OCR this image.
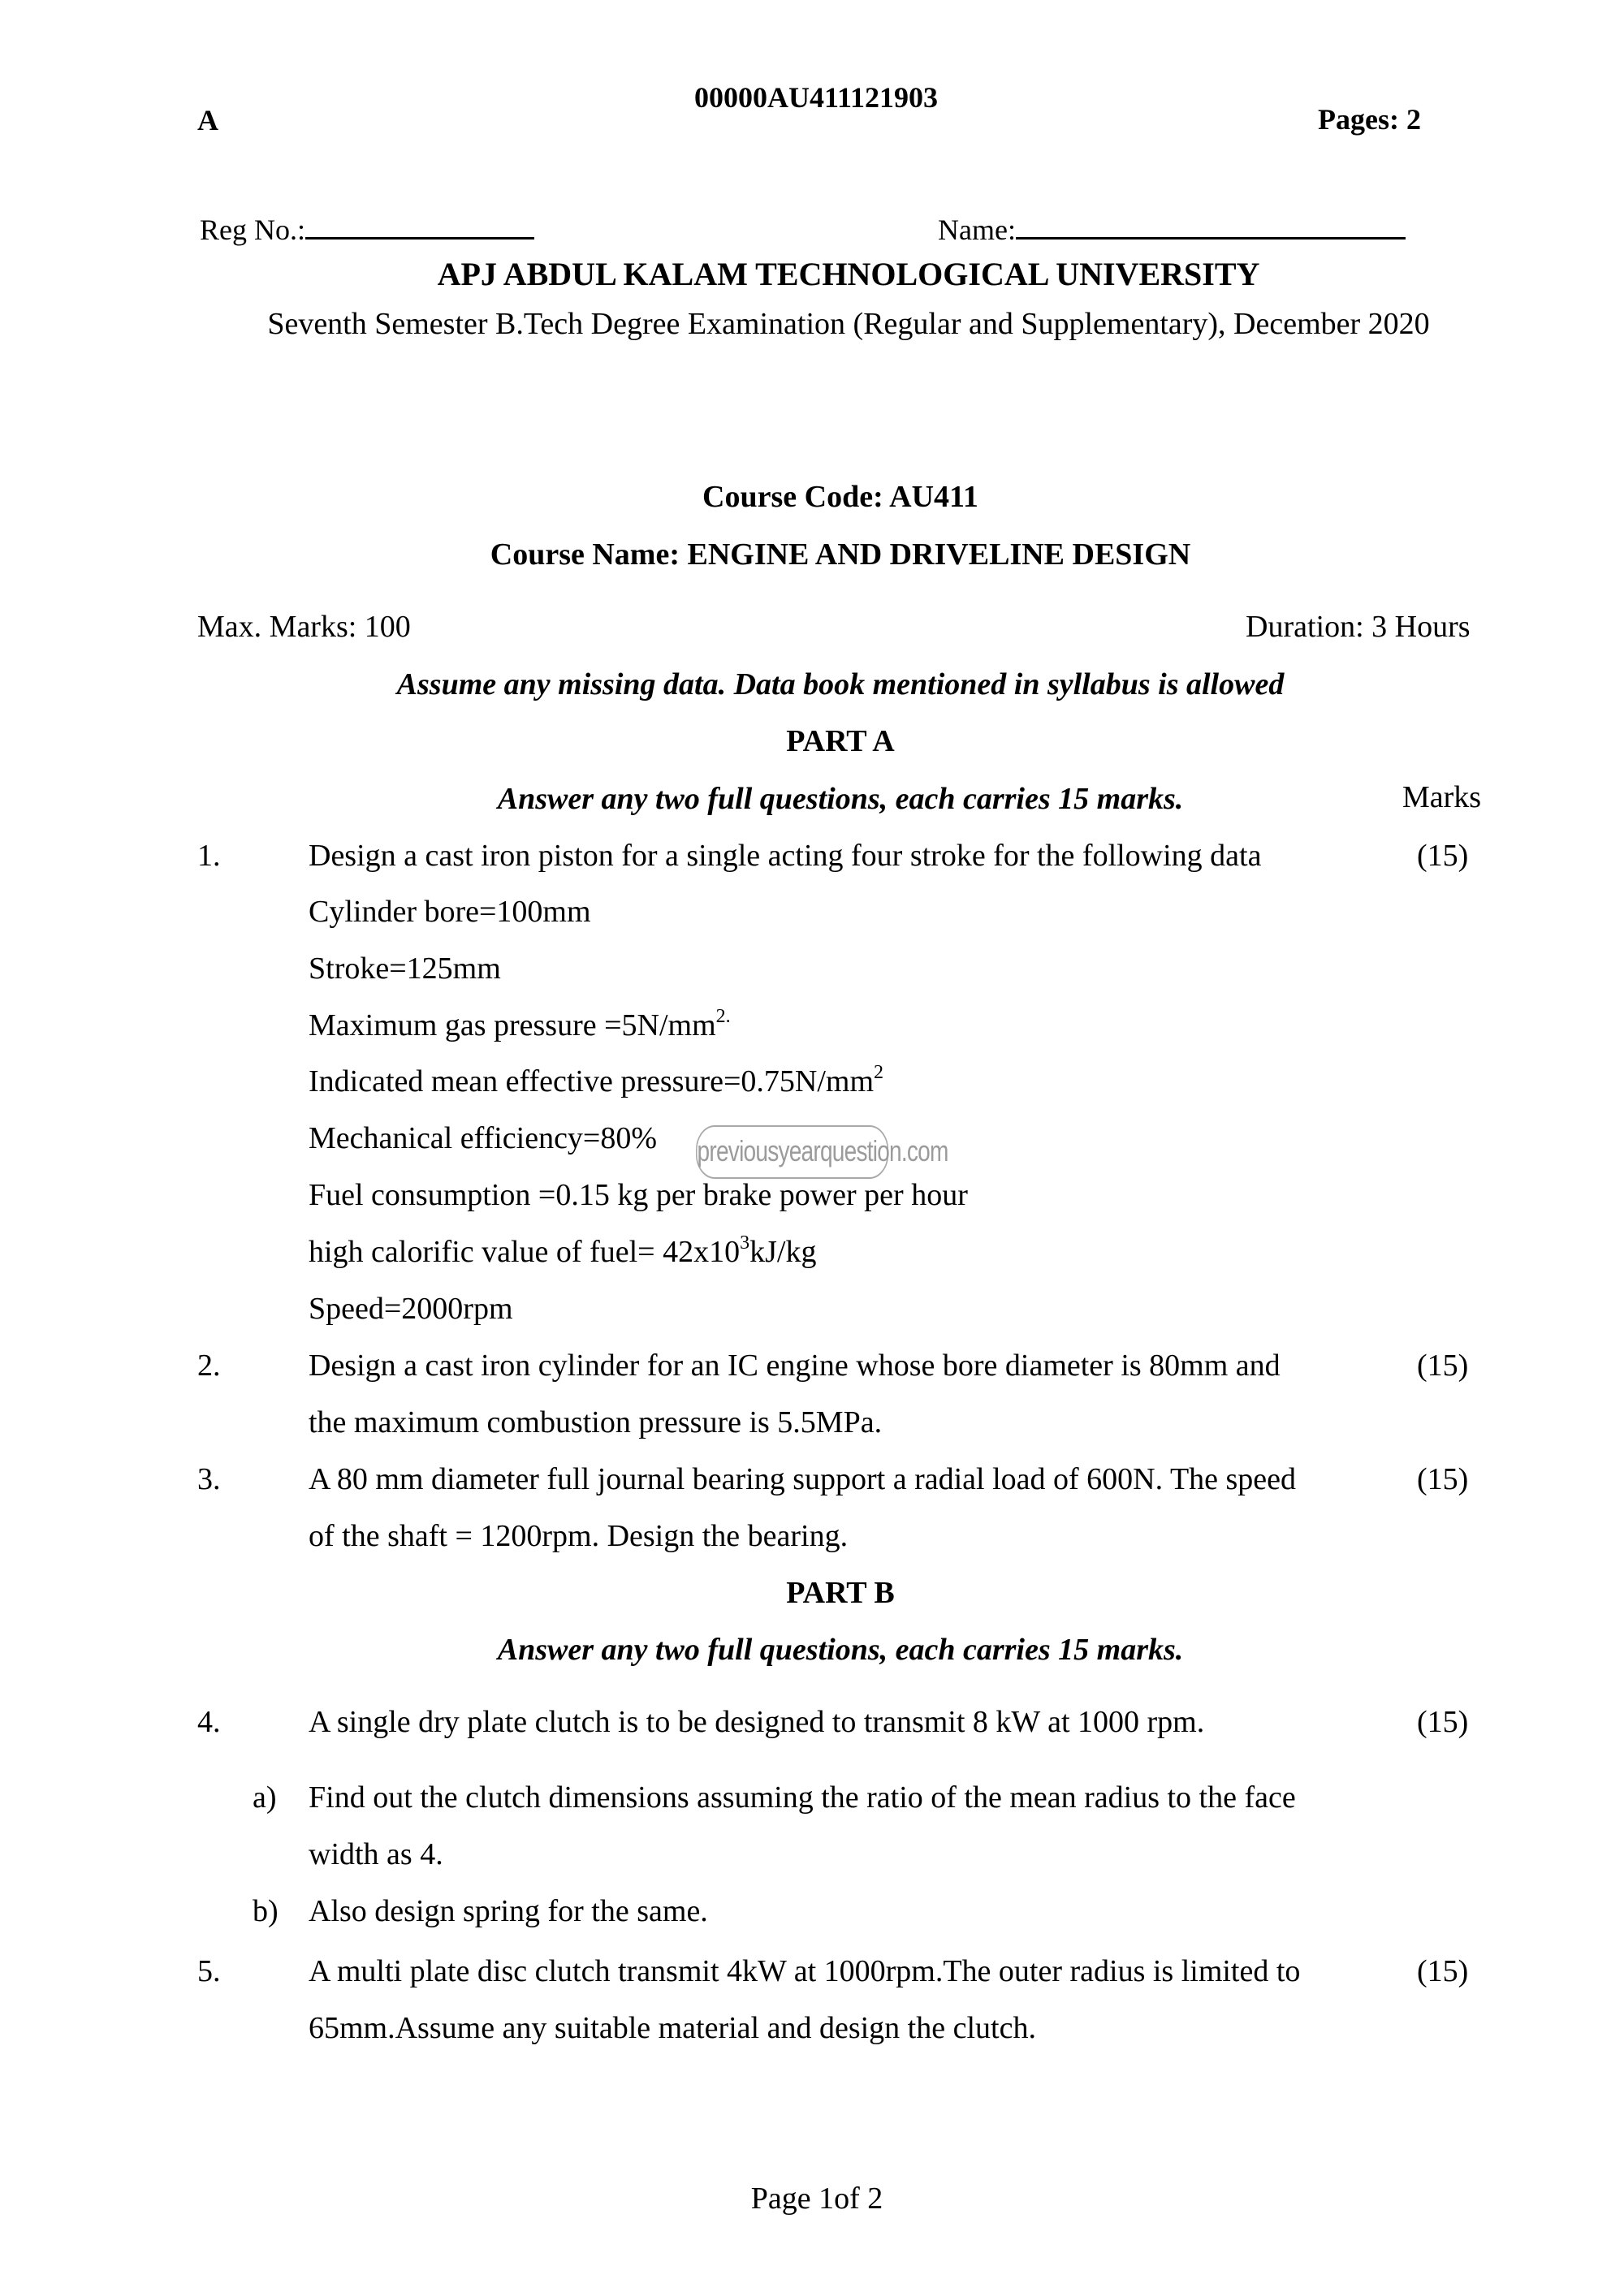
A
00000AU411121903
Pages: 2
Reg No.:	Name:
APJ ABDUL KALAM TECHNOLOGICAL UNIVERSITY
Seventh Semester B.Tech Degree Examination (Regular and Supplementary), December 2020
Course Code: AU411
Course Name: ENGINE AND DRIVELINE DESIGN
Max. Marks: 100	Duration: 3 Hours
Assume any missing data. Data book mentioned in syllabus is allowed
PART A
Answer any two full questions, each carries 15 marks.	Marks
1.	Design a cast iron piston for a single acting four stroke for the following data	(15)
Cylinder bore=100mm
Stroke=125mm
Maximum gas pressure $=5N/mm^{2.}$
Indicated mean effective $pressure=0.75N/mm^2$
Mechanical efficiency=80%
Fuel consumption =0.15 kg per brake power per hour
high calorific value of fuel= $42x10^3kJ/kg$
Speed=2000rpm
previousyearquestion.com
2.	Design a cast iron cylinder for an IC engine whose bore diameter is 80mm and	(15)
the maximum combustion pressure is 5.5MPa.
3.	A 80 mm diameter full journal bearing support a radial load of 600N. The speed	(15)
of the shaft = 1200rpm. Design the bearing.
PART B
Answer any two full questions, each carries 15 marks.
4.	A single dry plate clutch is to be designed to transmit 8 kW at 1000 rpm.	(15)
a) Find out the clutch dimensions assuming the ratio of the mean radius to the face
width as 4.
b) Also design spring for the same.
5.	A multi plate disc clutch transmit 4kW at 1000rpm.The outer radius is limited to	(15)
65mm.Assume any suitable material and design the clutch.
Page 1of 2
